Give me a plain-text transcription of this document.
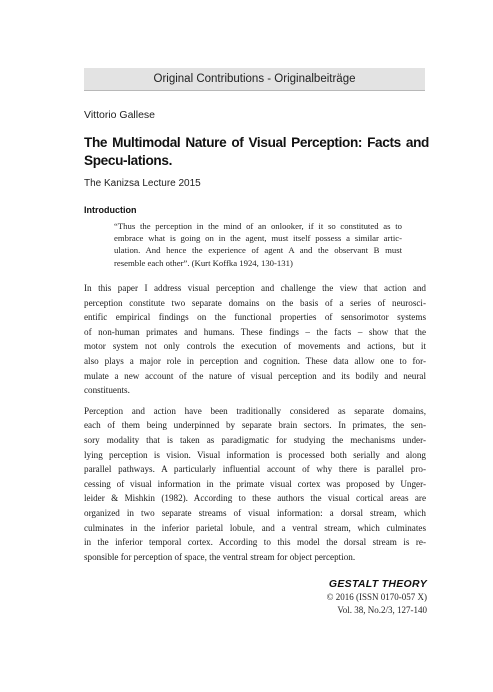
Original Contributions - Originalbeiträge
Vittorio Gallese
The Multimodal Nature of Visual Perception: Facts and Specu-lations.
The Kanizsa Lecture 2015
Introduction
“Thus the perception in the mind of an onlooker, if it so constituted as to
embrace what is going on in the agent, must itself possess a similar artic-
ulation. And hence the experience of agent A and the observant B must
resemble each other”. (Kurt Koffka 1924, 130-131)

In this paper I address visual perception and challenge the view that action and
perception constitute two separate domains on the basis of a series of neurosci-
entific empirical findings on the functional properties of sensorimotor systems
of non-human primates and humans. These findings – the facts – show that the
motor system not only controls the execution of movements and actions, but it
also plays a major role in perception and cognition. These data allow one to for-
mulate a new account of the nature of visual perception and its bodily and neural
constituents.

Perception and action have been traditionally considered as separate domains,
each of them being underpinned by separate brain sectors. In primates, the sen-
sory modality that is taken as paradigmatic for studying the mechanisms under-
lying perception is vision. Visual information is processed both serially and along
parallel pathways. A particularly influential account of why there is parallel pro-
cessing of visual information in the primate visual cortex was proposed by Unger-
leider & Mishkin (1982). According to these authors the visual cortical areas are
organized in two separate streams of visual information: a dorsal stream, which
culminates in the inferior parietal lobule, and a ventral stream, which culminates
in the inferior temporal cortex. According to this model the dorsal stream is re-
sponsible for perception of space, the ventral stream for object perception.

GESTALT THEORY
© 2016 (ISSN 0170-057 X)
Vol. 38, No.2/3, 127-140
